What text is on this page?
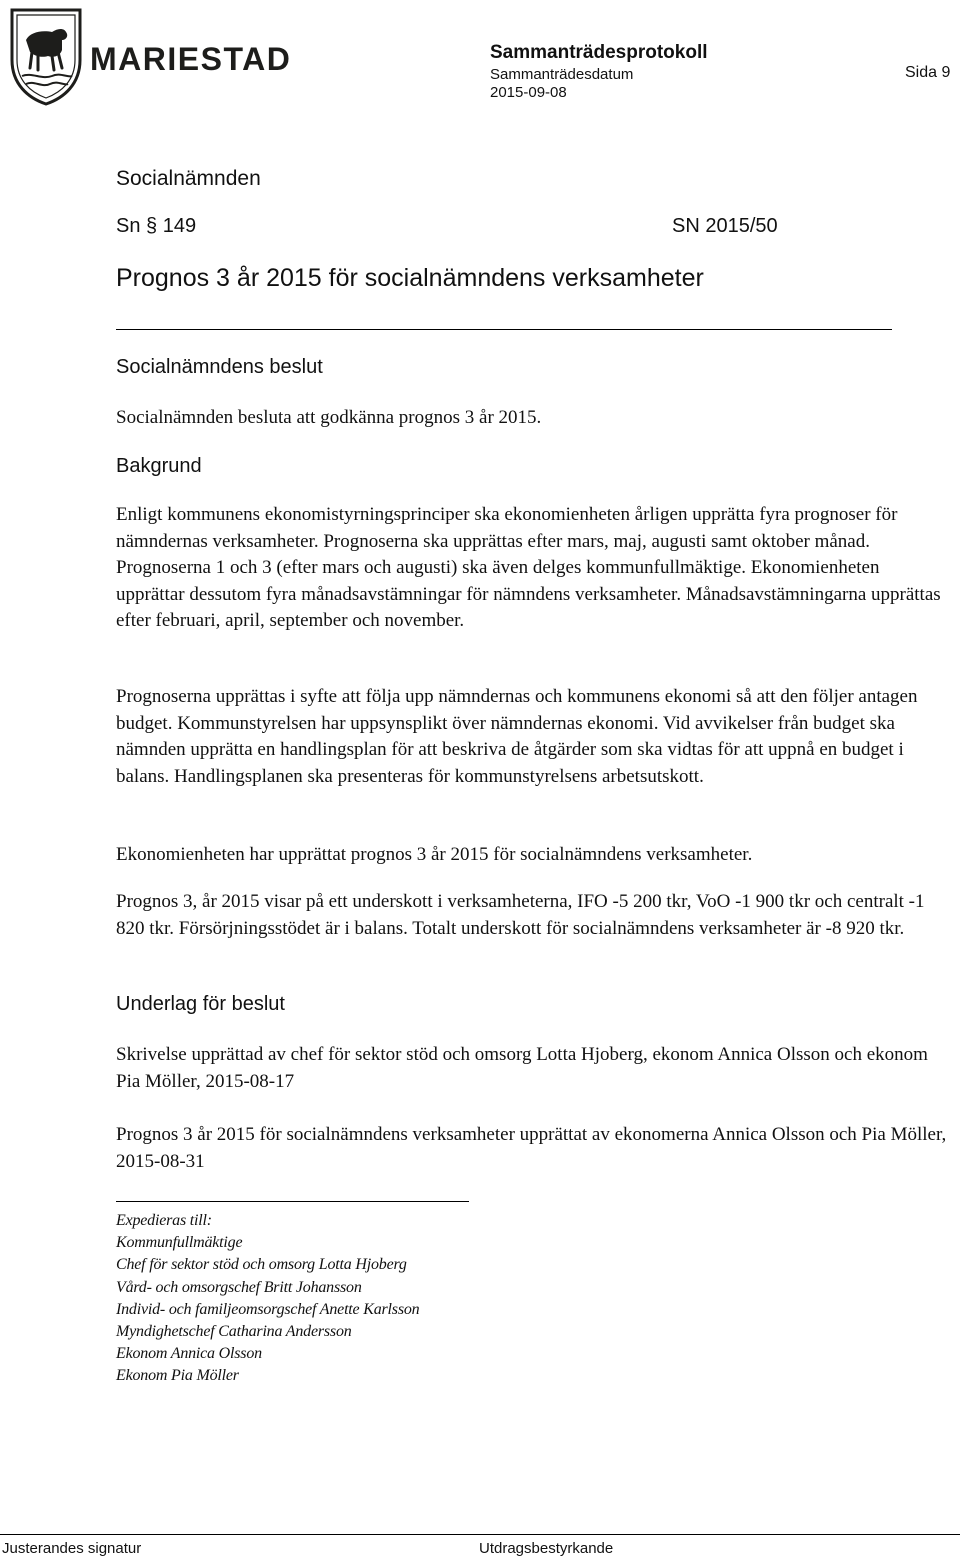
MARIESTAD	Sammanträdesprotokoll
Sammanträdesdatum
2015-09-08
Sida 9
Socialnämnden
Sn § 149	SN 2015/50
Prognos 3 år 2015 för socialnämndens verksamheter
Socialnämndens beslut

Socialnämnden besluta att godkänna prognos 3 år 2015.

Bakgrund

Enligt kommunens ekonomistyrningsprinciper ska ekonomienheten årligen upprätta fyra prognoser för nämndernas verksamheter. Prognoserna ska upprättas efter mars, maj, augusti samt oktober månad. Prognoserna 1 och 3 (efter mars och augusti) ska även delges kommunfullmäktige. Ekonomienheten upprättar dessutom fyra månadsavstämningar för nämndens verksamheter. Månadsavstämningarna upprättas efter februari, april, september och november.

Prognoserna upprättas i syfte att följa upp nämndernas och kommunens ekonomi så att den följer antagen budget. Kommunstyrelsen har uppsynsplikt över nämndernas ekonomi. Vid avvikelser från budget ska nämnden upprätta en handlingsplan för att beskriva de åtgärder som ska vidtas för att uppnå en budget i balans. Handlingsplanen ska presenteras för kommunstyrelsens arbetsutskott.

Ekonomienheten har upprättat prognos 3 år 2015 för socialnämndens verksamheter.

Prognos 3, år 2015 visar på ett underskott i verksamheterna, IFO -5 200 tkr, VoO -1 900 tkr och centralt -1 820 tkr. Försörjningsstödet är i balans. Totalt underskott för socialnämndens verksamheter är -8 920 tkr.

Underlag för beslut

Skrivelse upprättad av chef för sektor stöd och omsorg Lotta Hjoberg, ekonom Annica Olsson och ekonom Pia Möller, 2015-08-17

Prognos 3 år 2015 för socialnämndens verksamheter upprättat av ekonomerna Annica Olsson och Pia Möller, 2015-08-31

Expedieras till:
Kommunfullmäktige
Chef för sektor stöd och omsorg Lotta Hjoberg
Vård- och omsorgschef Britt Johansson
Individ- och familjeomsorgschef Anette Karlsson
Myndighetschef Catharina Andersson
Ekonom Annica Olsson
Ekonom Pia Möller
Justerandes signatur	Utdragsbestyrkande
